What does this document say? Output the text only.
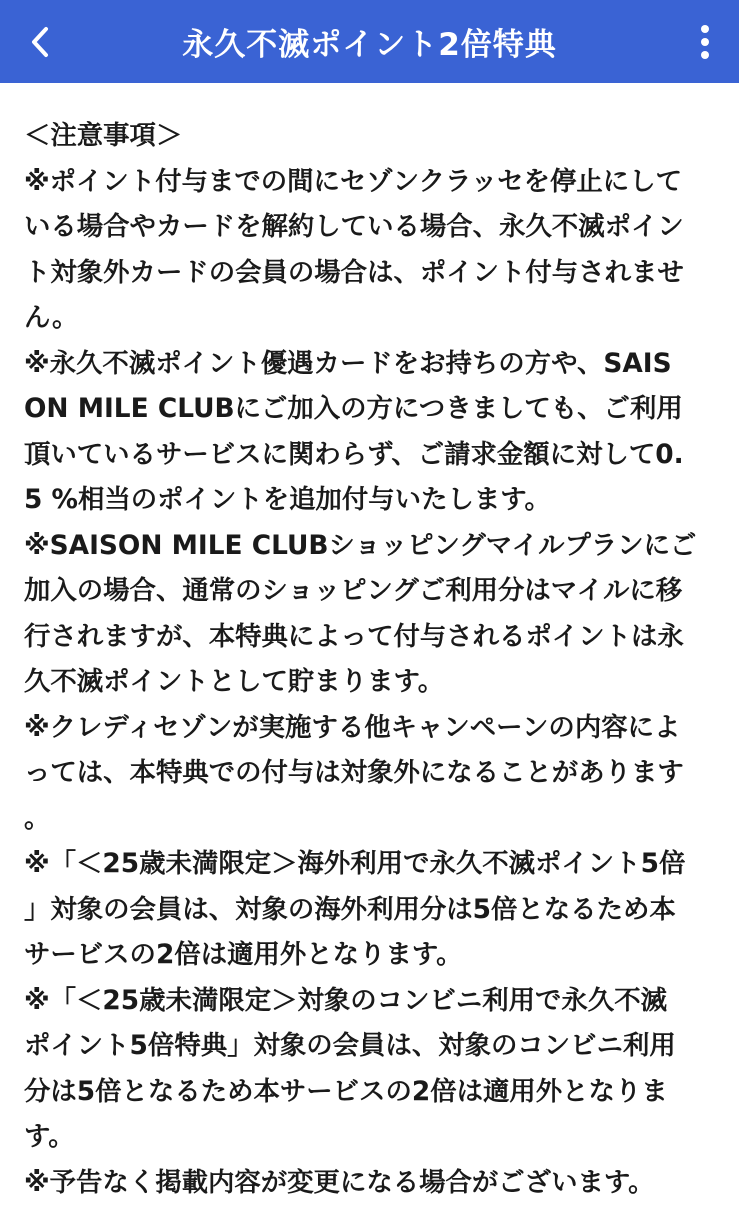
永久不滅ポイント2倍特典
＜注意事項＞
※ポイント付与までの間にセゾンクラッセを停止にして
いる場合やカードを解約している場合、永久不滅ポイン
ト対象外カードの会員の場合は、ポイント付与されませ
ん。
※永久不滅ポイント優遇カードをお持ちの方や、SAIS
ON MILE CLUBにご加入の方につきましても、ご利用
頂いているサービスに関わらず、ご請求金額に対して0.
5 %相当のポイントを追加付与いたします。
※SAISON MILE CLUBショッピングマイルプランにご
加入の場合、通常のショッピングご利用分はマイルに移
行されますが、本特典によって付与されるポイントは永
久不滅ポイントとして貯まります。
※クレディセゾンが実施する他キャンペーンの内容によ
っては、本特典での付与は対象外になることがあります
。
※「＜25歳未満限定＞海外利用で永久不滅ポイント5倍
」対象の会員は、対象の海外利用分は5倍となるため本
サービスの2倍は適用外となります。
※「＜25歳未満限定＞対象のコンビニ利用で永久不滅
ポイント5倍特典」対象の会員は、対象のコンビニ利用
分は5倍となるため本サービスの2倍は適用外となりま
す。
※予告なく掲載内容が変更になる場合がございます。
